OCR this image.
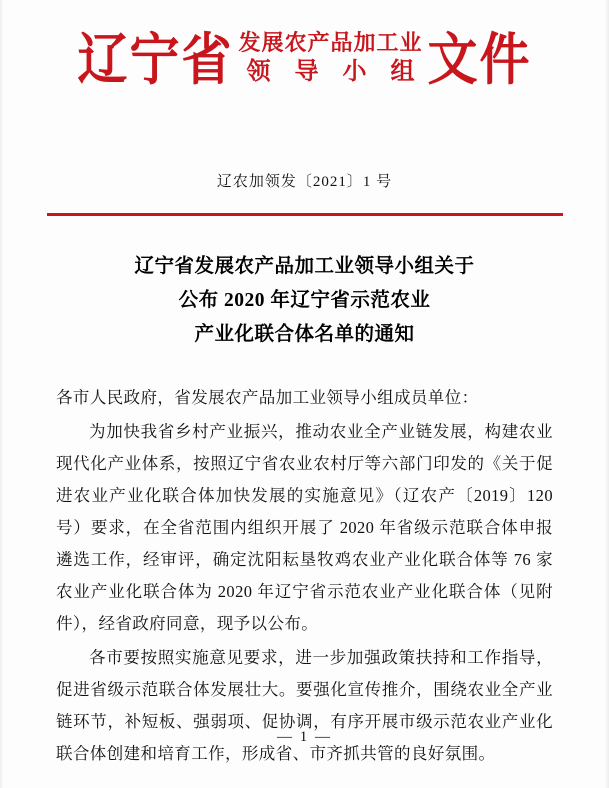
辽宁省 发展农产品加工业
领 导 小 组 文件
辽农加领发〔2021〕1 号
辽宁省发展农产品加工业领导小组关于
公布 2020 年辽宁省示范农业
产业化联合体名单的通知

各市人民政府，省发展农产品加工业领导小组成员单位：

为加快我省乡村产业振兴，推动农业全产业链发展，构建农业现代化产业体系，按照辽宁省农业农村厅等六部门印发的《关于促进农业产业化联合体加快发展的实施意见》（辽农产〔2019〕120 号）要求，在全省范围内组织开展了 2020 年省级示范联合体申报遴选工作，经审评，确定沈阳耘垦牧鸡农业产业化联合体等 76 家农业产业化联合体为 2020 年辽宁省示范农业产业化联合体（见附件），经省政府同意，现予以公布。

各市要按照实施意见要求，进一步加强政策扶持和工作指导，促进省级示范联合体发展壮大。要强化宣传推介，围绕农业全产业链环节，补短板、强弱项、促协调，有序开展市级示范农业产业化联合体创建和培育工作，形成省、市齐抓共管的良好氛围。

— 1 —
